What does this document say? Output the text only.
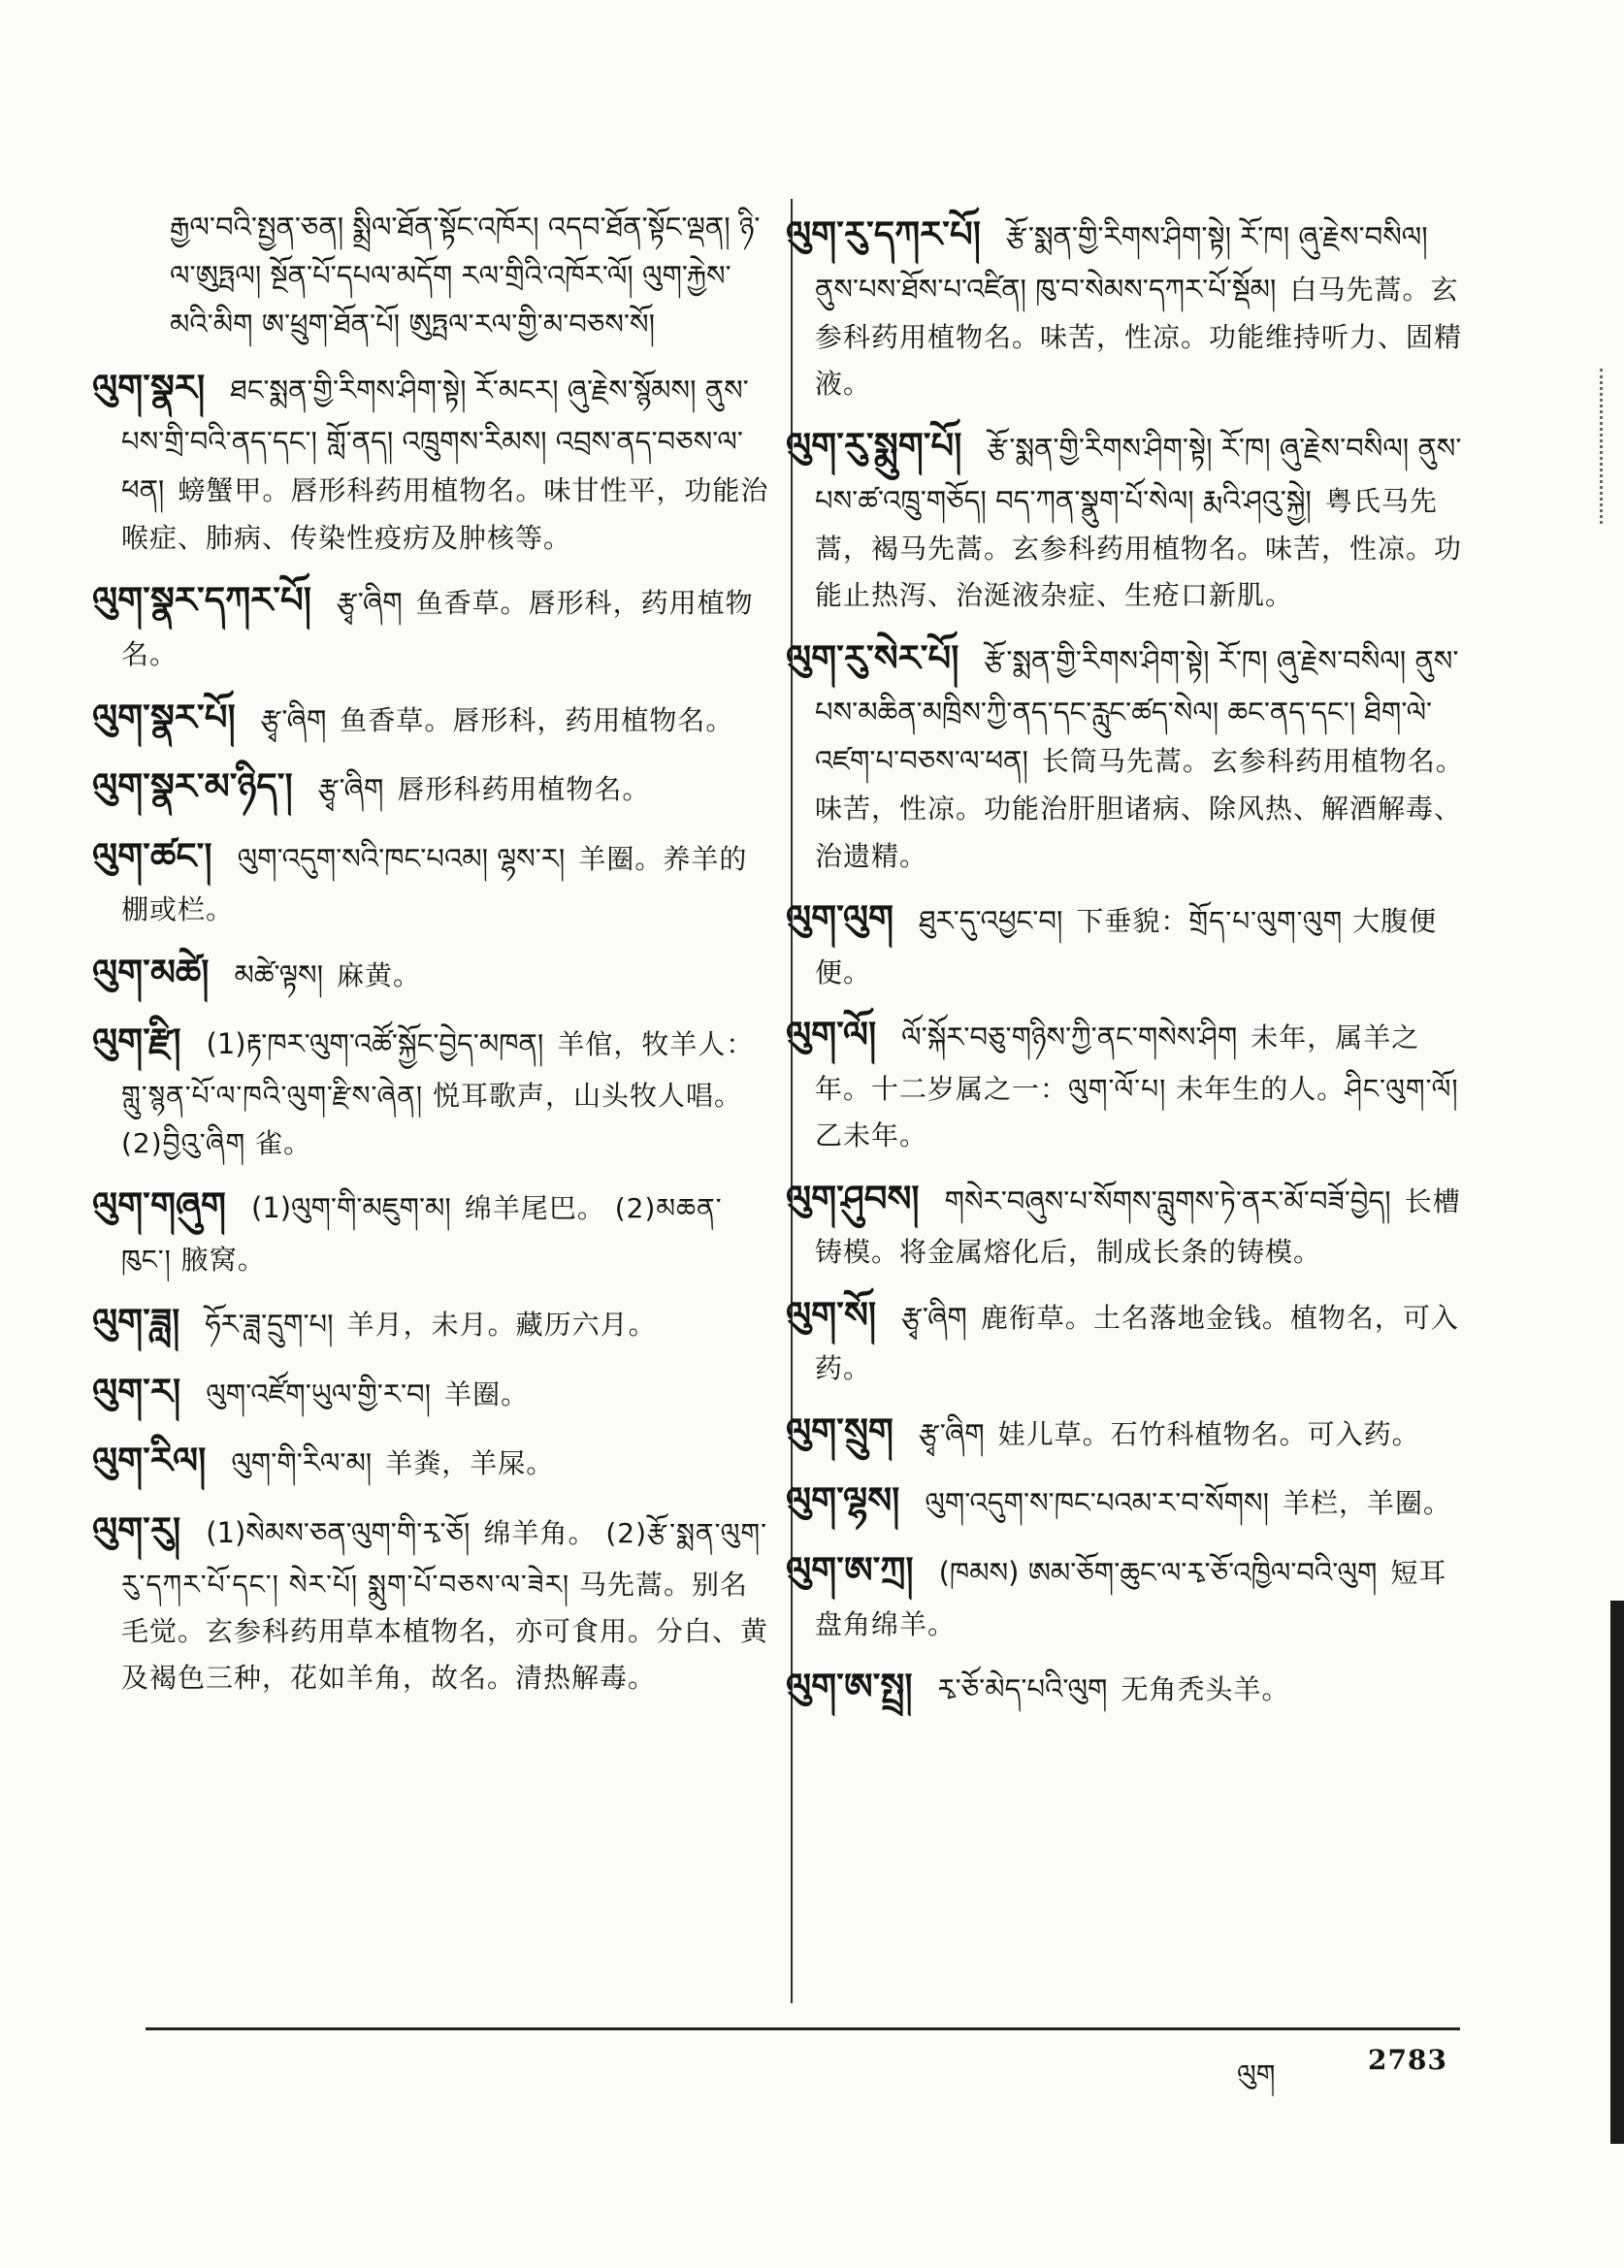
རྒྱལ་བའི་སྤྱན་ཅན། སྨྲིལ་ཐོན་སྟོང་འཁོར། འདབ་ཐོན་སྟོང་ལྡན། ཉི་ལ་ཨུཏྤལ། སྔོན་པོ་དཔལ་མདོག རལ་གྲིའི་འཁོར་ལོ། ལུག་རྐྱེས་མའི་མིག ཨ་ཕྲུག་ཐོན་པོ། ཨུཏྤལ་རལ་གྱི་མ་བཅས་སོ།
ལུག་སྣར། ཐང་སྨན་གྱི་རིགས་ཤིག་སྟེ། རོ་མངར། ཞུ་རྗེས་སྙོམས། ནུས་པས་གྲི་བའི་ནད་དང་། གློ་ནད། འཁྲུགས་རིམས། འབྲས་ནད་བཅས་ལ་ཕན། 螃蟹甲。唇形科药用植物名。味甘性平，功能治喉症、肺病、传染性疫疠及肿核等。
ལུག་སྣར་དཀར་པོ། རྩྭ་ཞིག 鱼香草。唇形科，药用植物名。
ལུག་སྣར་པོ། རྩྭ་ཞིག 鱼香草。唇形科，药用植物名。
ལུག་སྣར་མ་ཉིད་། རྩྭ་ཞིག 唇形科药用植物名。
ལུག་ཚང་། ལུག་འདུག་སའི་ཁང་པའམ། ལྷས་ར། 羊圈。养羊的棚或栏。
ལུག་མཚེ། མཚེ་ལྟས། 麻黄。
ལུག་རྫི། (1)རྟ་ཁར་ལུག་འཚོ་སྐྱོང་བྱེད་མཁན། 羊倌，牧羊人：གླུ་སྙན་པོ་ལ་ཁའི་ལུག་རྫིས་ཞེན། 悦耳歌声，山头牧人唱。(2)བྱིའུ་ཞིག 雀。
ལུག་གཞུག (1)ལུག་གི་མཇུག་མ། 绵羊尾巴。 (2)མཆན་ཁུང་། 腋窝。
ལུག་ཟླ། ཧོར་ཟླ་དྲུག་པ། 羊月，未月。藏历六月。
ལུག་ར། ལུག་འཛོག་ཡུལ་གྱི་ར་བ། 羊圈。
ལུག་རིལ། ལུག་གི་རིལ་མ། 羊粪，羊屎。
ལུག་རུ། (1)སེམས་ཅན་ལུག་གི་རྭ་ཅོ། 绵羊角。 (2)རྩོ་སྨན་ལུག་རུ་དཀར་པོ་དང་། སེར་པོ། སྨུག་པོ་བཅས་ལ་ཟེར། 马先蒿。别名毛觉。玄参科药用草本植物名，亦可食用。分白、黄及褐色三种，花如羊角，故名。清热解毒。
ལུག་རུ་དཀར་པོ། རྩོ་སྨན་གྱི་རིགས་ཤིག་སྟེ། རོ་ཁ། ཞུ་རྗེས་བསིལ། ནུས་པས་ཐོས་པ་འཛིན། ཁུ་བ་སེམས་དཀར་པོ་སྡོམ། 白马先蒿。玄参科药用植物名。味苦，性凉。功能维持听力、固精液。
ལུག་རུ་སྨུག་པོ། རྩོ་སྨན་གྱི་རིགས་ཤིག་སྟེ། རོ་ཁ། ཞུ་རྗེས་བསིལ། ནུས་པས་ཚ་འཁྲུ་གཅོད། བད་ཀན་སྣུག་པོ་སེལ། རྨའི་ཤའུ་སྐྱེ། 粤氏马先蒿，褐马先蒿。玄参科药用植物名。味苦，性凉。功能止热泻、治涎液杂症、生疮口新肌。
ལུག་རུ་སེར་པོ། རྩོ་སྨན་གྱི་རིགས་ཤིག་སྟེ། རོ་ཁ། ཞུ་རྗེས་བསིལ། ནུས་པས་མཆིན་མཁྲིས་ཀྱི་ནད་དང་རླུང་ཚད་སེལ། ཆང་ནད་དང་། ཐིག་ལེ་འཛག་པ་བཅས་ལ་ཕན། 长筒马先蒿。玄参科药用植物名。味苦，性凉。功能治肝胆诸病、除风热、解酒解毒、治遗精。
ལུག་ལུག ཐུར་དུ་འཕྱང་བ། 下垂貌：གྲོད་པ་ལུག་ལུག 大腹便便。
ལུག་ལོ། ལོ་སྐོར་བཅུ་གཉིས་ཀྱི་ནང་གསེས་ཤིག 未年，属羊之年。十二岁属之一：ལུག་ལོ་པ། 未年生的人。ཤིང་ལུག་ལོ། 乙未年。
ལུག་ཤུབས། གསེར་བཞུས་པ་སོགས་བླུགས་ཏེ་ནར་མོ་བཟོ་བྱེད། 长槽铸模。将金属熔化后，制成长条的铸模。
ལུག་སོ། རྩྭ་ཞིག 鹿衔草。土名落地金钱。植物名，可入药。
ལུག་སྲུག རྩྭ་ཞིག 娃儿草。石竹科植物名。可入药。
ལུག་ལྷས། ལུག་འདུག་ས་ཁང་པའམ་ར་བ་སོགས། 羊栏，羊圈。
ལུག་ཨ་ཀྲ། (ཁམས) ཨམ་ཅོག་ཆུང་ལ་རྭ་ཅོ་འཁྱིལ་བའི་ལུག 短耳盘角绵羊。
ལུག་ཨ་སྤྲ། རྭ་ཅོ་མེད་པའི་ལུག 无角秃头羊。
ལུག	2783
